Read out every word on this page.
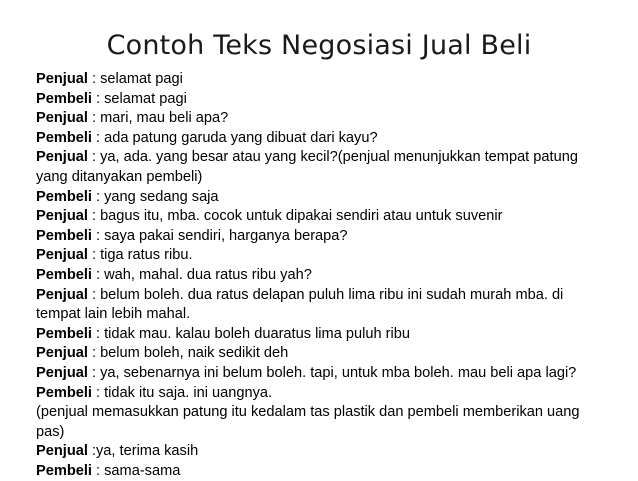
Contoh Teks Negosiasi Jual Beli
Penjual : selamat pagi
Pembeli : selamat pagi
Penjual : mari, mau beli apa?
Pembeli : ada patung garuda yang dibuat dari kayu?
Penjual : ya, ada. yang besar atau yang kecil?(penjual menunjukkan tempat patung yang ditanyakan pembeli)
Pembeli : yang sedang saja
Penjual : bagus itu, mba. cocok untuk dipakai sendiri atau untuk suvenir
Pembeli : saya pakai sendiri, harganya berapa?
Penjual : tiga ratus ribu.
Pembeli : wah, mahal. dua ratus ribu yah?
Penjual : belum boleh. dua ratus delapan puluh lima ribu ini sudah murah mba. di tempat lain lebih mahal.
Pembeli : tidak mau. kalau boleh duaratus lima puluh ribu
Penjual : belum boleh, naik sedikit deh
Penjual : ya, sebenarnya ini belum boleh. tapi, untuk mba boleh. mau beli apa lagi?
Pembeli : tidak itu saja. ini uangnya.
(penjual memasukkan patung itu kedalam tas plastik dan pembeli memberikan uang pas)
Penjual :ya, terima kasih
Pembeli : sama-sama
